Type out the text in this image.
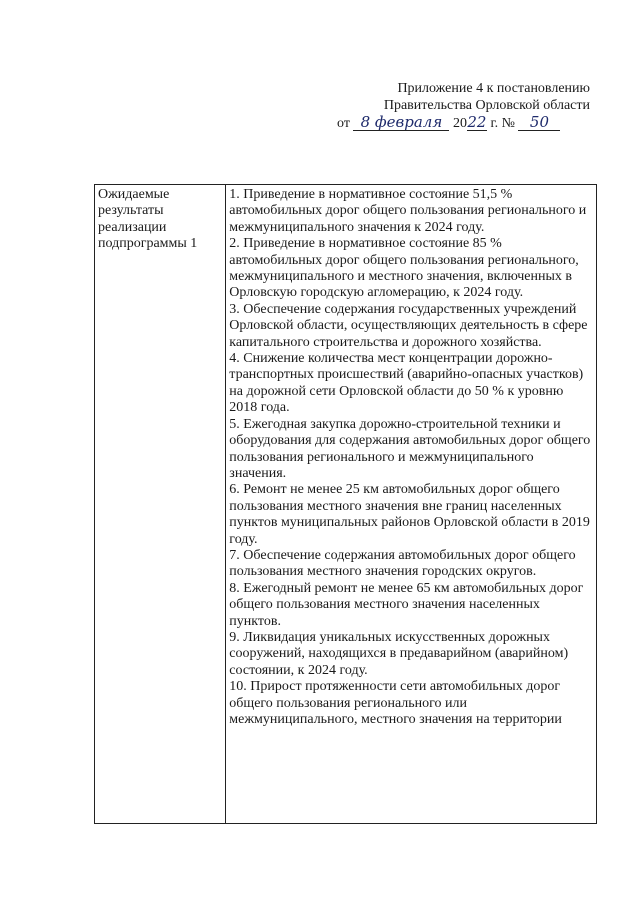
Приложение 4 к постановлению
Правительства Орловской области
от 8 февраля 2022 г. № 50
Ожидаемые результаты реализации подпрограммы 1	
1. Приведение в нормативное состояние 51,5 % автомобильных дорог общего пользования регионального и межмуниципального значения к 2024 году.
2. Приведение в нормативное состояние 85 % автомобильных дорог общего пользования регионального, межмуниципального и местного значения, включенных в Орловскую городскую агломерацию, к 2024 году.
3. Обеспечение содержания государственных учреждений Орловской области, осуществляющих деятельность в сфере капитального строительства и дорожного хозяйства.
4. Снижение количества мест концентрации дорожно-транспортных происшествий (аварийно-опасных участков) на дорожной сети Орловской области до 50 % к уровню 2018 года.
5. Ежегодная закупка дорожно-строительной техники и оборудования для содержания автомобильных дорог общего пользования регионального и межмуниципального значения.
6. Ремонт не менее 25 км автомобильных дорог общего пользования местного значения вне границ населенных пунктов муниципальных районов Орловской области в 2019 году.
7. Обеспечение содержания автомобильных дорог общего пользования местного значения городских округов.
8. Ежегодный ремонт не менее 65 км автомобильных дорог общего пользования местного значения населенных пунктов.
9. Ликвидация уникальных искусственных дорожных сооружений, находящихся в предаварийном (аварийном) состоянии, к 2024 году.
10. Прирост протяженности сети автомобильных дорог общего пользования регионального или межмуниципального, местного значения на территории
